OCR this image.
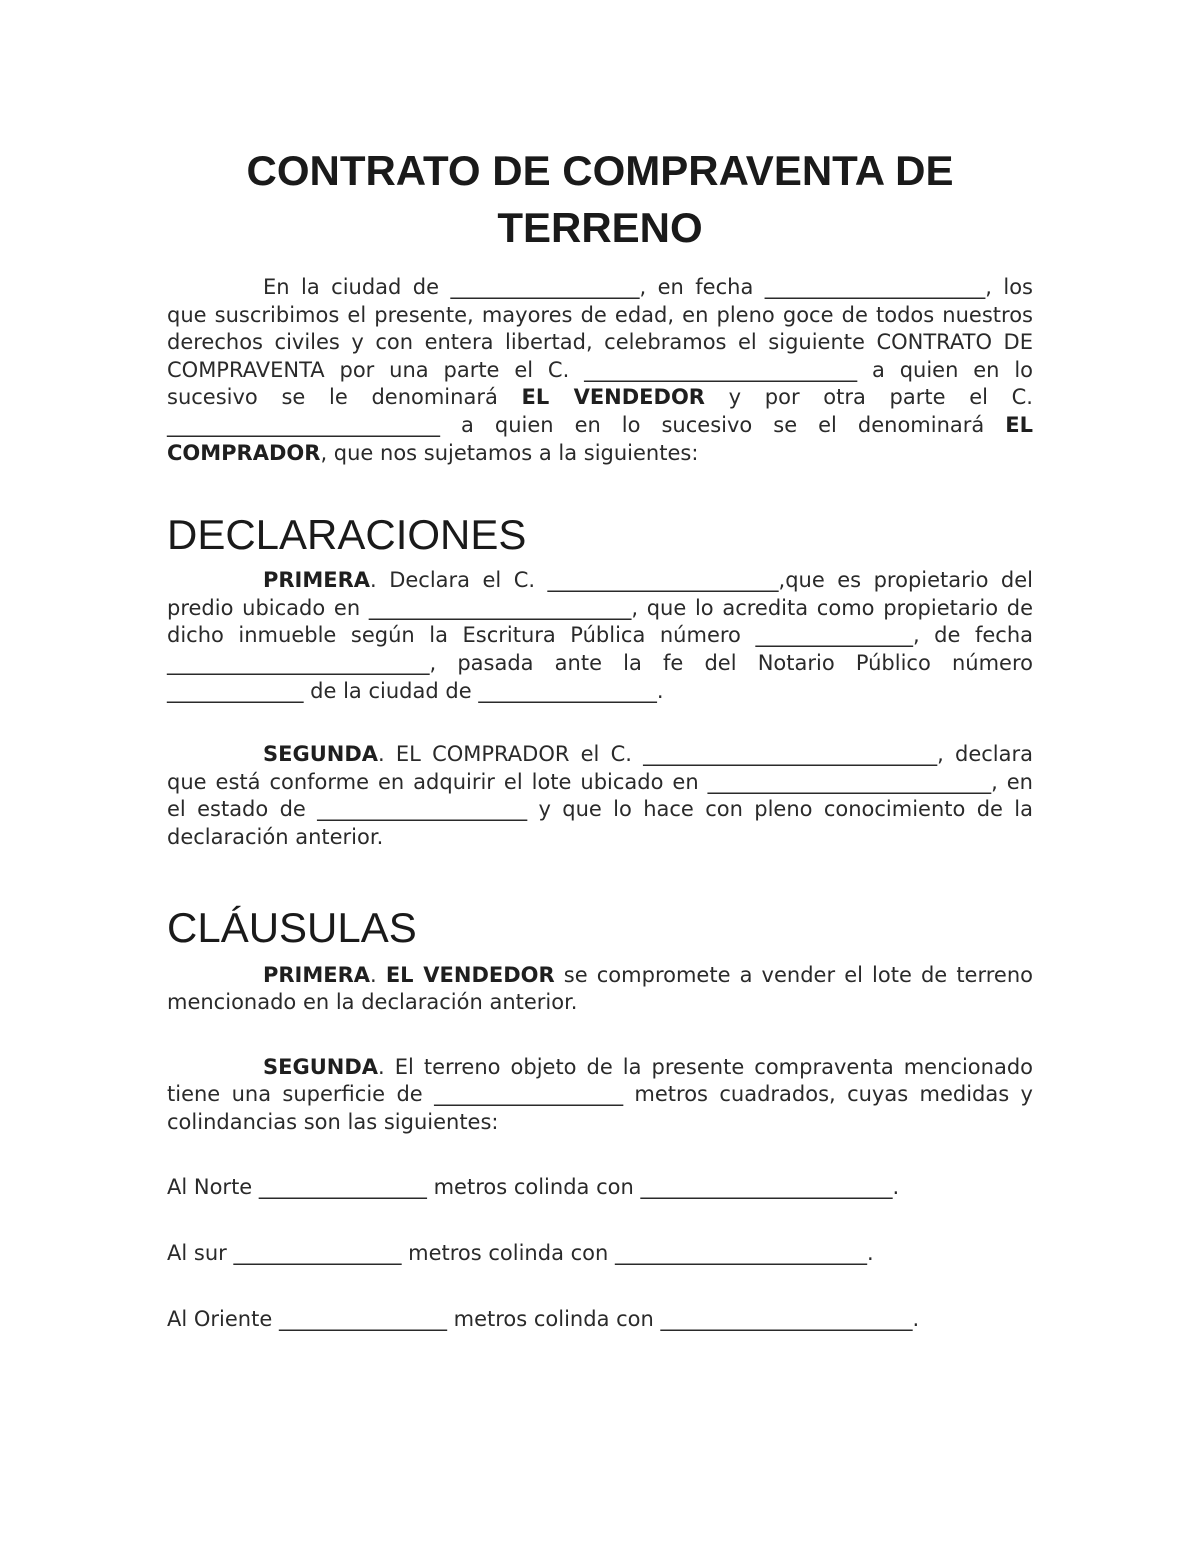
CONTRATO DE COMPRAVENTA DE
TERRENO

En la ciudad de __________________, en fecha _____________________, los que suscribimos el presente, mayores de edad, en pleno goce de todos nuestros derechos civiles y con entera libertad, celebramos el siguiente CONTRATO DE COMPRAVENTA por una parte el C. __________________________ a quien en lo sucesivo se le denominará EL VENDEDOR y por otra parte el C. __________________________ a quien en lo sucesivo se el denominará EL COMPRADOR, que nos sujetamos a la siguientes:

DECLARACIONES

PRIMERA. Declara el C. ______________________,que es propietario del predio ubicado en _________________________, que lo acredita como propietario de dicho inmueble según la Escritura Pública número _______________, de fecha _________________________, pasada ante la fe del Notario Público número _____________ de la ciudad de _________________.

SEGUNDA. EL COMPRADOR el C. ____________________________, declara que está conforme en adquirir el lote ubicado en ___________________________, en el estado de ____________________ y que lo hace con pleno conocimiento de la declaración anterior.

CLÁUSULAS

PRIMERA. EL VENDEDOR se compromete a vender el lote de terreno mencionado en la declaración anterior.

SEGUNDA. El terreno objeto de la presente compraventa mencionado tiene una superficie de __________________ metros cuadrados, cuyas medidas y colindancias son las siguientes:

Al Norte ________________ metros colinda con ________________________.

Al sur ________________ metros colinda con ________________________.

Al Oriente ________________ metros colinda con ________________________.
